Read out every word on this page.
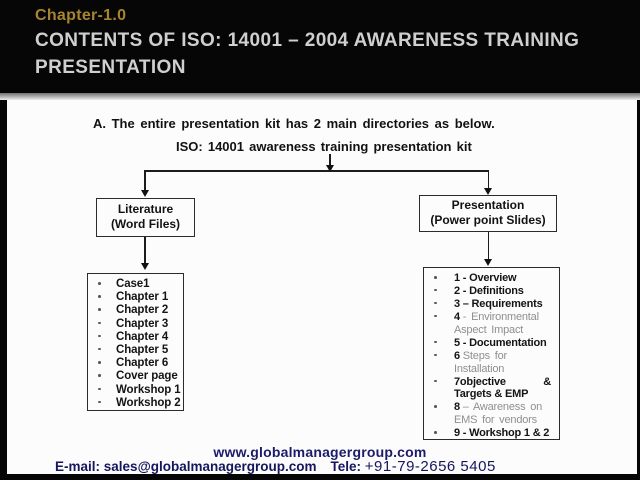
Chapter-1.0
CONTENTS OF ISO: 14001 – 2004 AWARENESS TRAINING
PRESENTATION
A. The entire presentation kit has 2 main directories as below.
ISO: 14001 awareness training presentation kit
Literature
(Word Files)
Presentation
(Power point Slides)
Case1
Chapter 1
Chapter 2
Chapter 3
Chapter 4
Chapter 5
Chapter 6
Cover page
Workshop 1
Workshop 2
1 - Overview
2 - Definitions
3 – Requirements
4 - Environmental
Aspect Impact
5 - Documentation
6 Steps for
Installation
7objective	&
Targets & EMP
8 – Awareness on
EMS for vendors
9 - Workshop 1 & 2
www.globalmanagergroup.com
E-mail: sales@globalmanagergroup.com Tele: +91-79-2656 5405
